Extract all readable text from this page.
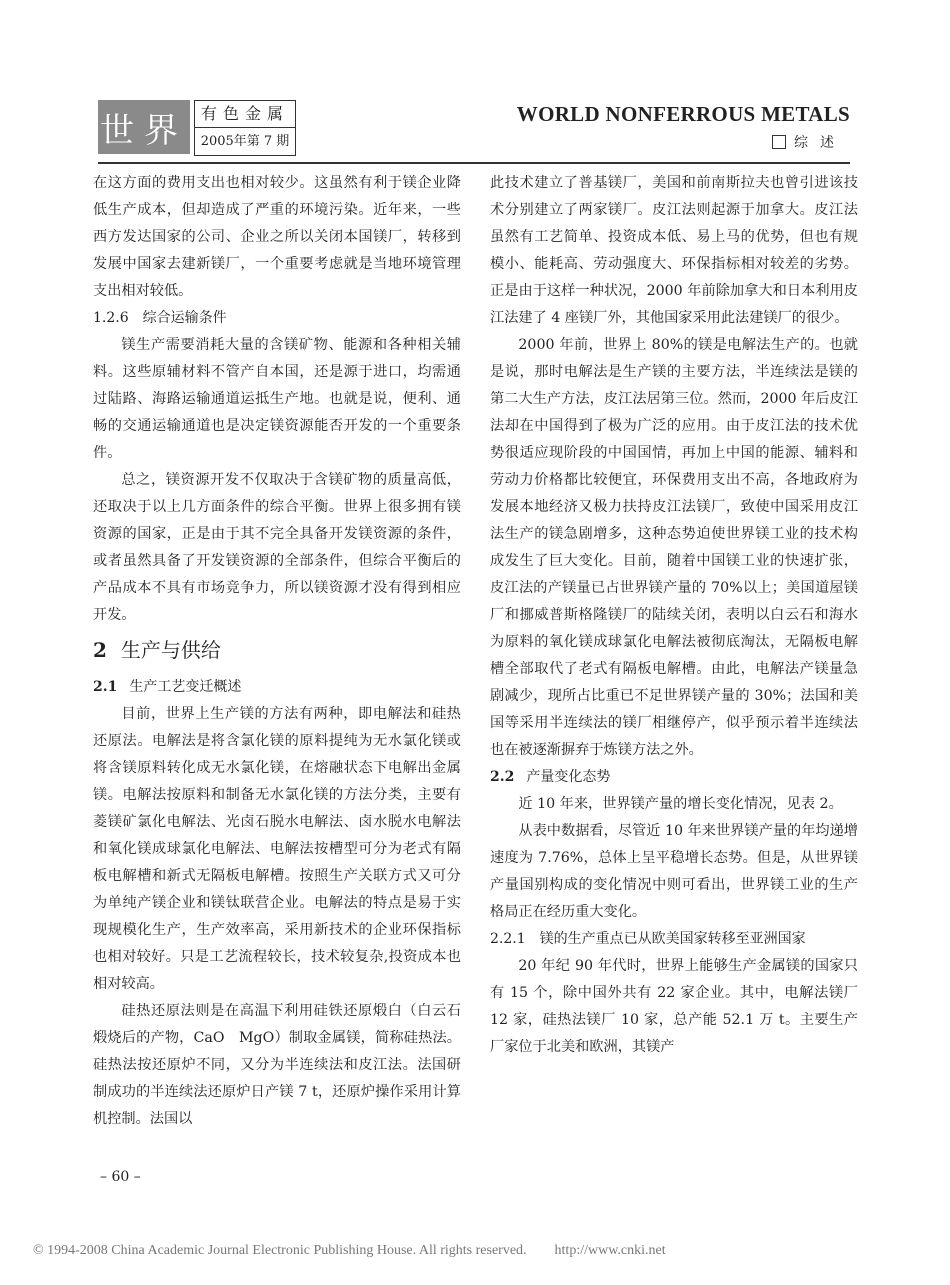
世界 有色金属
2005年第 7 期
WORLD NONFERROUS METALS
综述

在这方面的费用支出也相对较少。这虽然有利于镁企业降低生产成本，但却造成了严重的环境污染。近年来，一些西方发达国家的公司、企业之所以关闭本国镁厂，转移到发展中国家去建新镁厂，一个重要考虑就是当地环境管理支出相对较低。

1.2.6　综合运输条件

镁生产需要消耗大量的含镁矿物、能源和各种相关辅料。这些原辅材料不管产自本国，还是源于进口，均需通过陆路、海路运输通道运抵生产地。也就是说，便利、通畅的交通运输通道也是决定镁资源能否开发的一个重要条件。

总之，镁资源开发不仅取决于含镁矿物的质量高低，还取决于以上几方面条件的综合平衡。世界上很多拥有镁资源的国家，正是由于其不完全具备开发镁资源的条件，或者虽然具备了开发镁资源的全部条件，但综合平衡后的产品成本不具有市场竞争力，所以镁资源才没有得到相应开发。

2 生产与供给
2.1 生产工艺变迁概述

目前，世界上生产镁的方法有两种，即电解法和硅热还原法。电解法是将含氯化镁的原料提纯为无水氯化镁或将含镁原料转化成无水氯化镁，在熔融状态下电解出金属镁。电解法按原料和制备无水氯化镁的方法分类，主要有菱镁矿氯化电解法、光卤石脱水电解法、卤水脱水电解法和氧化镁成球氯化电解法、电解法按槽型可分为老式有隔板电解槽和新式无隔板电解槽。按照生产关联方式又可分为单纯产镁企业和镁钛联营企业。电解法的特点是易于实现规模化生产，生产效率高，采用新技术的企业环保指标也相对较好。只是工艺流程较长，技术较复杂,投资成本也相对较高。

硅热还原法则是在高温下利用硅铁还原煅白（白云石煅烧后的产物，CaO　MgO）制取金属镁，简称硅热法。硅热法按还原炉不同，又分为半连续法和皮江法。法国研制成功的半连续法还原炉日产镁 7 t，还原炉操作采用计算机控制。法国以

此技术建立了普基镁厂，美国和前南斯拉夫也曾引进该技术分别建立了两家镁厂。皮江法则起源于加拿大。皮江法虽然有工艺简单、投资成本低、易上马的优势，但也有规模小、能耗高、劳动强度大、环保指标相对较差的劣势。正是由于这样一种状况，2000 年前除加拿大和日本利用皮江法建了 4 座镁厂外，其他国家采用此法建镁厂的很少。

2000 年前，世界上 80%的镁是电解法生产的。也就是说，那时电解法是生产镁的主要方法，半连续法是镁的第二大生产方法，皮江法居第三位。然而，2000 年后皮江法却在中国得到了极为广泛的应用。由于皮江法的技术优势很适应现阶段的中国国情，再加上中国的能源、辅料和劳动力价格都比较便宜，环保费用支出不高，各地政府为发展本地经济又极力扶持皮江法镁厂，致使中国采用皮江法生产的镁急剧增多，这种态势迫使世界镁工业的技术构成发生了巨大变化。目前，随着中国镁工业的快速扩张，皮江法的产镁量已占世界镁产量的 70%以上；美国道屋镁厂和挪威普斯格隆镁厂的陆续关闭，表明以白云石和海水为原料的氧化镁成球氯化电解法被彻底淘汰，无隔板电解槽全部取代了老式有隔板电解槽。由此，电解法产镁量急剧减少，现所占比重已不足世界镁产量的 30%；法国和美国等采用半连续法的镁厂相继停产，似乎预示着半连续法也在被逐渐摒弃于炼镁方法之外。

2.2 产量变化态势

近 10 年来，世界镁产量的增长变化情况，见表 2。

从表中数据看，尽管近 10 年来世界镁产量的年均递增速度为 7.76%，总体上呈平稳增长态势。但是，从世界镁产量国别构成的变化情况中则可看出，世界镁工业的生产格局正在经历重大变化。

2.2.1　镁的生产重点已从欧美国家转移至亚洲国家

20 年纪 90 年代时，世界上能够生产金属镁的国家只有 15 个，除中国外共有 22 家企业。其中，电解法镁厂 12 家，硅热法镁厂 10 家，总产能 52.1 万 t。主要生产厂家位于北美和欧洲，其镁产

– 60 –
© 1994-2008 China Academic Journal Electronic Publishing House. All rights reserved.　　http://www.cnki.net
